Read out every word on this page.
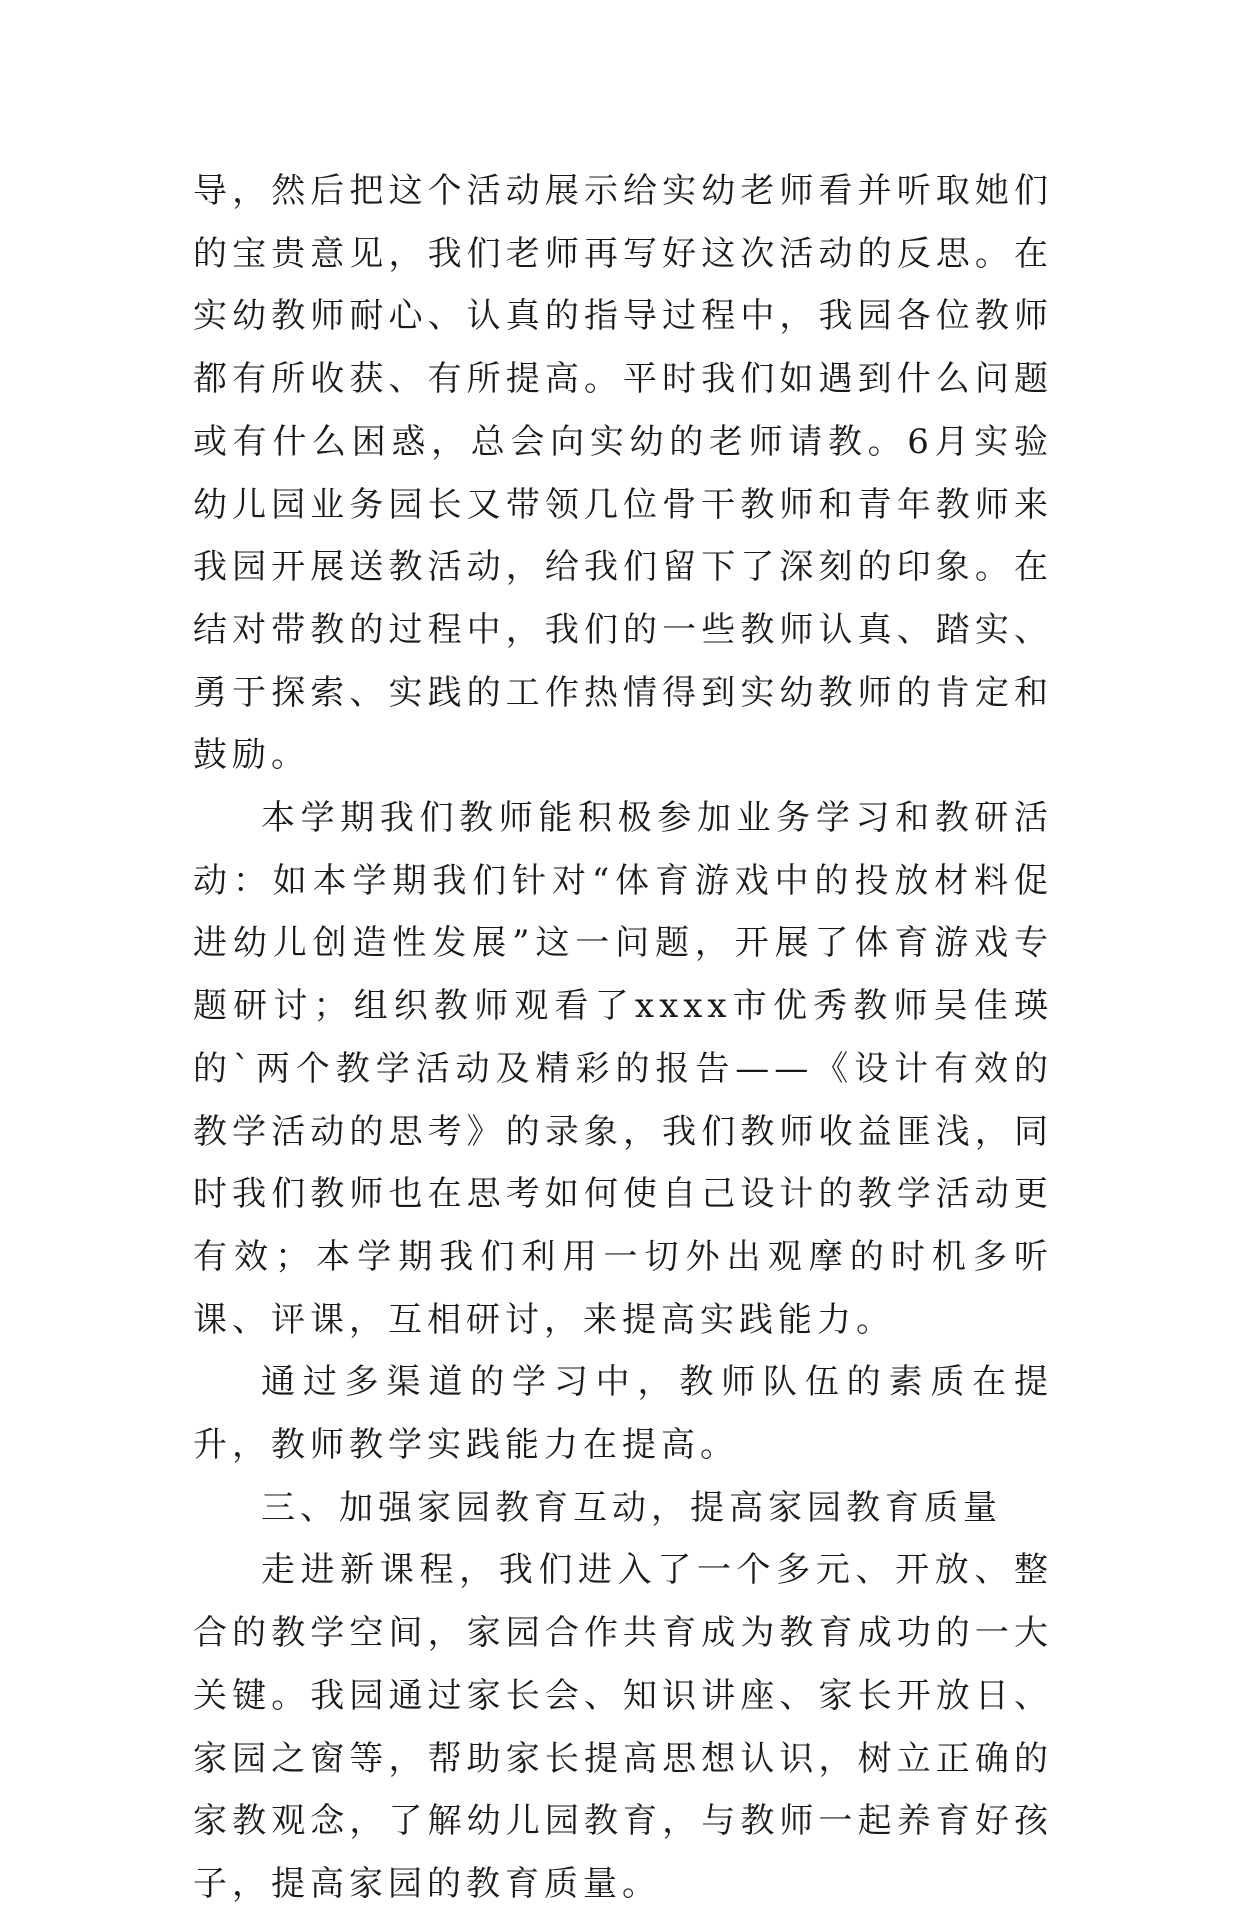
导，然后把这个活动展示给实幼老师看并听取她们的宝贵意见，我们老师再写好这次活动的反思。在实幼教师耐心、认真的指导过程中，我园各位教师都有所收获、有所提高。平时我们如遇到什么问题或有什么困惑，总会向实幼的老师请教。6月实验幼儿园业务园长又带领几位骨干教师和青年教师来我园开展送教活动，给我们留下了深刻的印象。在结对带教的过程中，我们的一些教师认真、踏实、勇于探索、实践的工作热情得到实幼教师的肯定和鼓励。

本学期我们教师能积极参加业务学习和教研活动：如本学期我们针对“体育游戏中的投放材料促进幼儿创造性发展”这一问题，开展了体育游戏专题研讨；组织教师观看了xxxx市优秀教师吴佳瑛的`两个教学活动及精彩的报告——《设计有效的教学活动的思考》的录象，我们教师收益匪浅，同时我们教师也在思考如何使自己设计的教学活动更有效；本学期我们利用一切外出观摩的时机多听课、评课，互相研讨，来提高实践能力。

通过多渠道的学习中，教师队伍的素质在提升，教师教学实践能力在提高。

三、加强家园教育互动，提高家园教育质量

走进新课程，我们进入了一个多元、开放、整合的教学空间，家园合作共育成为教育成功的一大关键。我园通过家长会、知识讲座、家长开放日、家园之窗等，帮助家长提高思想认识，树立正确的家教观念，了解幼儿园教育，与教师一起养育好孩子，提高家园的教育质量。
